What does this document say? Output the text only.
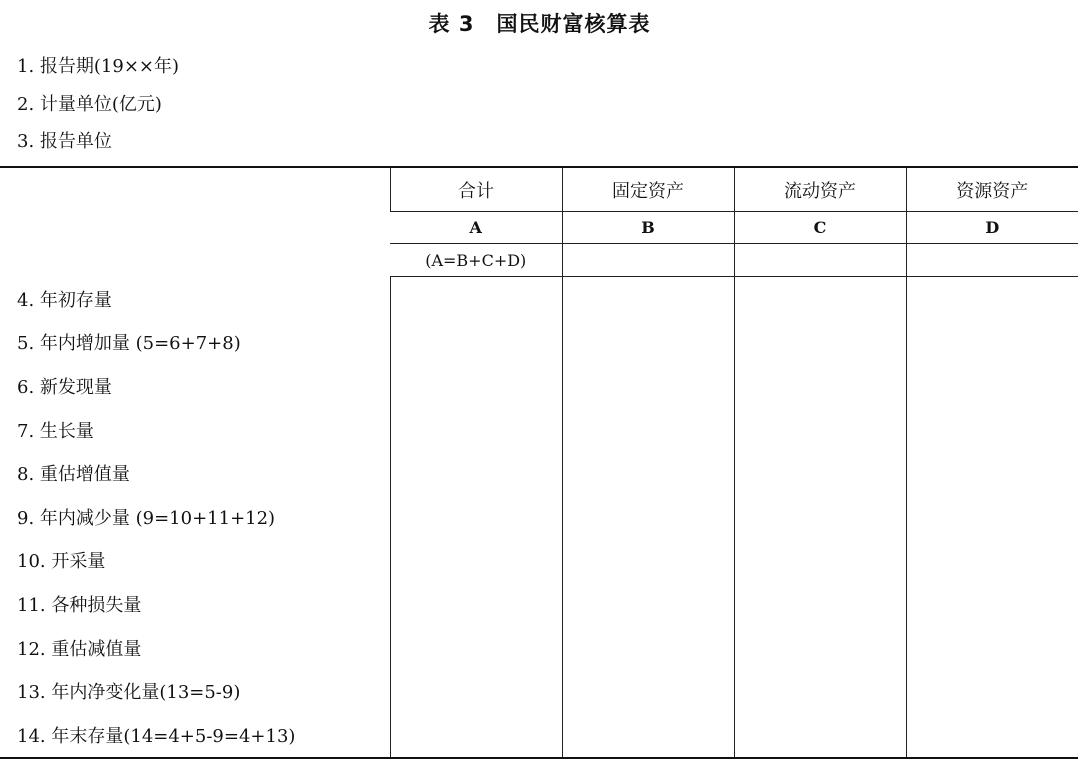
表 3 国民财富核算表
1. 报告期(19××年)
2. 计量单位(亿元)
3. 报告单位
	合计	固定资产	流动资产	资源资产
	A	B	C	D
	(A=B+C+D)			
4. 年初存量				
5. 年内增加量 (5=6+7+8)				
6. 新发现量				
7. 生长量				
8. 重估增值量				
9. 年内减少量 (9=10+11+12)				
10. 开采量				
11. 各种损失量				
12. 重估减值量				
13. 年内净变化量(13=5-9)				
14. 年末存量(14=4+5-9=4+13)				
